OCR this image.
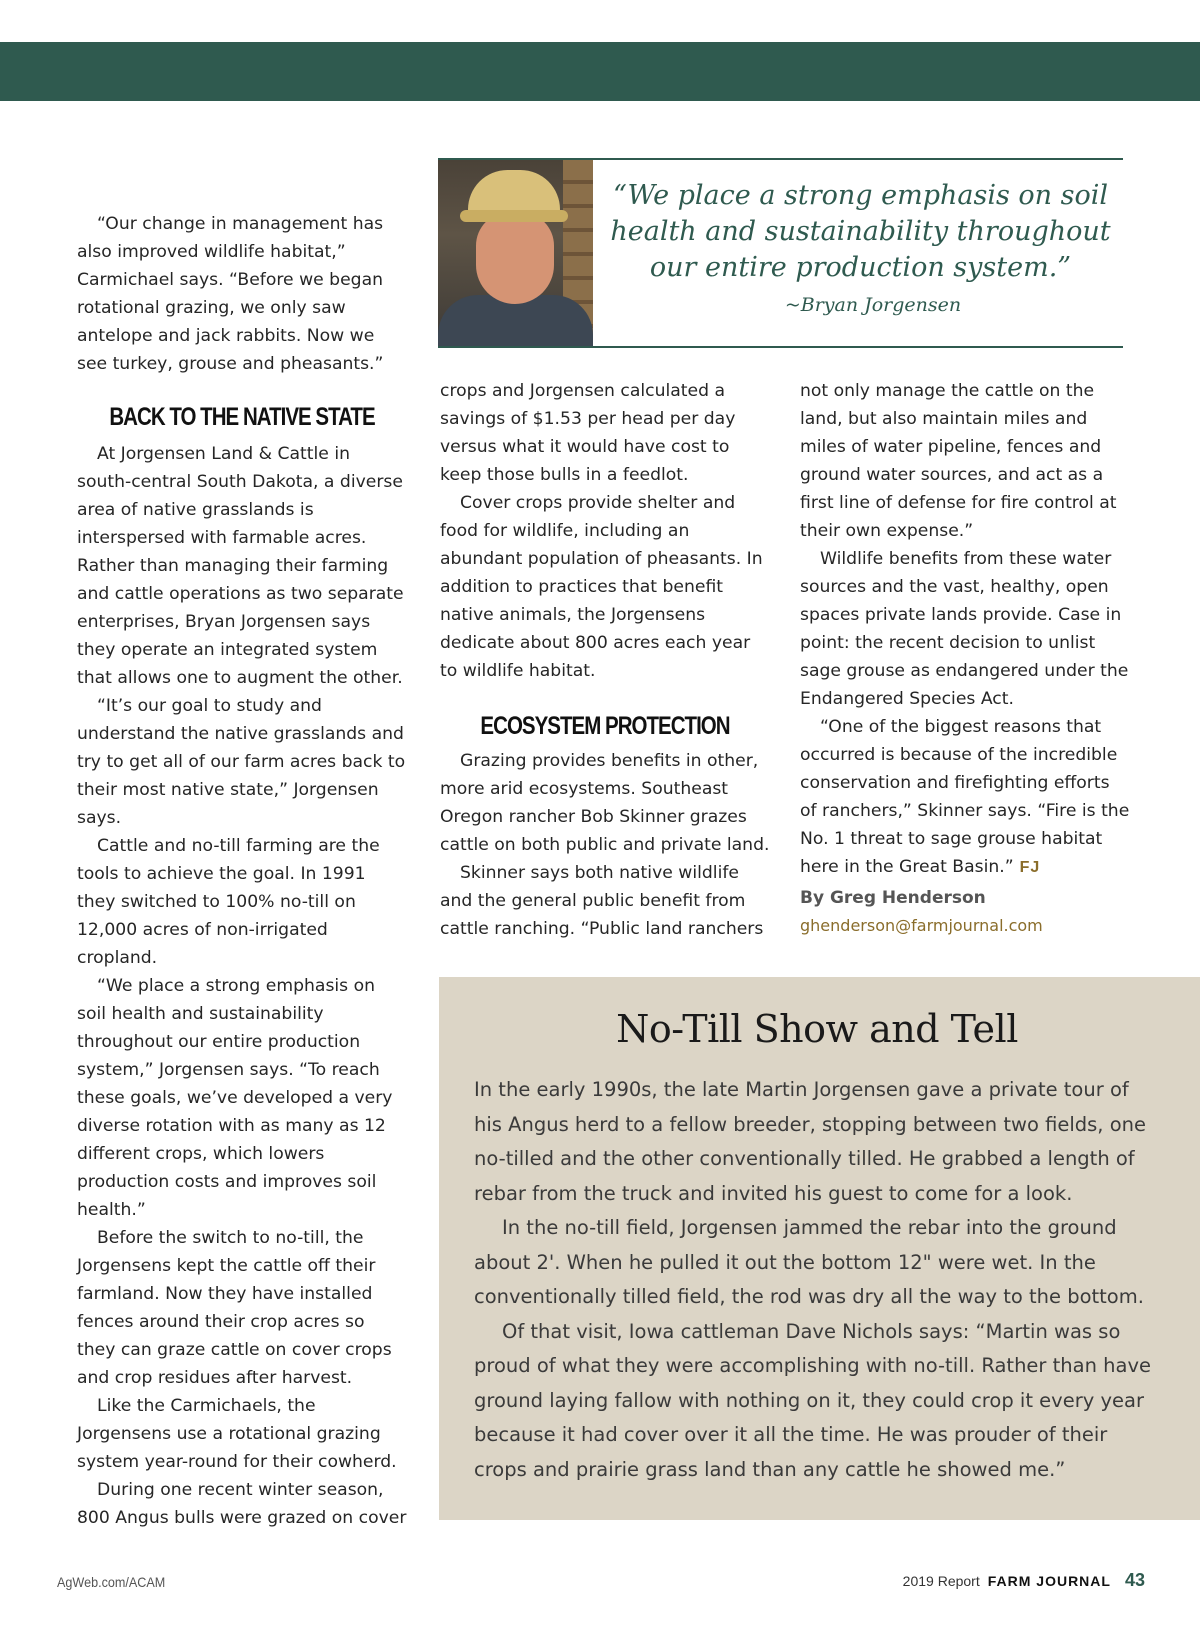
“We place a strong emphasis on soil health and sustainability throughout our entire production system.”
~Bryan Jorgensen

“Our change in management has also improved wildlife habitat,” Carmichael says. “Before we began rotational grazing, we only saw antelope and jack rabbits. Now we see turkey, grouse and pheasants.”

BACK TO THE NATIVE STATE

At Jorgensen Land & Cattle in south-central South Dakota, a diverse area of native grasslands is interspersed with farmable acres. Rather than managing their farming and cattle operations as two separate enterprises, Bryan Jorgensen says they operate an integrated system that allows one to augment the other.

“It’s our goal to study and understand the native grasslands and try to get all of our farm acres back to their most native state,” Jorgensen says.

Cattle and no-till farming are the tools to achieve the goal. In 1991 they switched to 100% no-till on 12,000 acres of non-irrigated cropland.

“We place a strong emphasis on soil health and sustainability throughout our entire production system,” Jorgensen says. “To reach these goals, we’ve developed a very diverse rotation with as many as 12 different crops, which lowers production costs and improves soil health.”

Before the switch to no-till, the Jorgensens kept the cattle off their farmland. Now they have installed fences around their crop acres so they can graze cattle on cover crops and crop residues after harvest.

Like the Carmichaels, the Jorgensens use a rotational grazing system year-round for their cowherd.

During one recent winter season, 800 Angus bulls were grazed on cover

crops and Jorgensen calculated a savings of $1.53 per head per day versus what it would have cost to keep those bulls in a feedlot.

Cover crops provide shelter and food for wildlife, including an abundant population of pheasants. In addition to practices that benefit native animals, the Jorgensens dedicate about 800 acres each year to wildlife habitat.

ECOSYSTEM PROTECTION

Grazing provides benefits in other, more arid ecosystems. Southeast Oregon rancher Bob Skinner grazes cattle on both public and private land.

Skinner says both native wildlife and the general public benefit from cattle ranching. “Public land ranchers

not only manage the cattle on the land, but also maintain miles and miles of water pipeline, fences and ground water sources, and act as a first line of defense for fire control at their own expense.”

Wildlife benefits from these water sources and the vast, healthy, open spaces private lands provide. Case in point: the recent decision to unlist sage grouse as endangered under the Endangered Species Act.

“One of the biggest reasons that occurred is because of the incredible conservation and firefighting efforts of ranchers,” Skinner says. “Fire is the No. 1 threat to sage grouse habitat here in the Great Basin.” FJ

By Greg Henderson
ghenderson@farmjournal.com
No-Till Show and Tell

In the early 1990s, the late Martin Jorgensen gave a private tour of his Angus herd to a fellow breeder, stopping between two fields, one no-tilled and the other conventionally tilled. He grabbed a length of rebar from the truck and invited his guest to come for a look.

In the no-till field, Jorgensen jammed the rebar into the ground about 2'. When he pulled it out the bottom 12" were wet. In the conventionally tilled field, the rod was dry all the way to the bottom.

Of that visit, Iowa cattleman Dave Nichols says: “Martin was so proud of what they were accomplishing with no-till. Rather than have ground laying fallow with nothing on it, they could crop it every year because it had cover over it all the time. He was prouder of their crops and prairie grass land than any cattle he showed me.”

AgWeb.com/ACAM	2019 Report FARM JOURNAL 43
